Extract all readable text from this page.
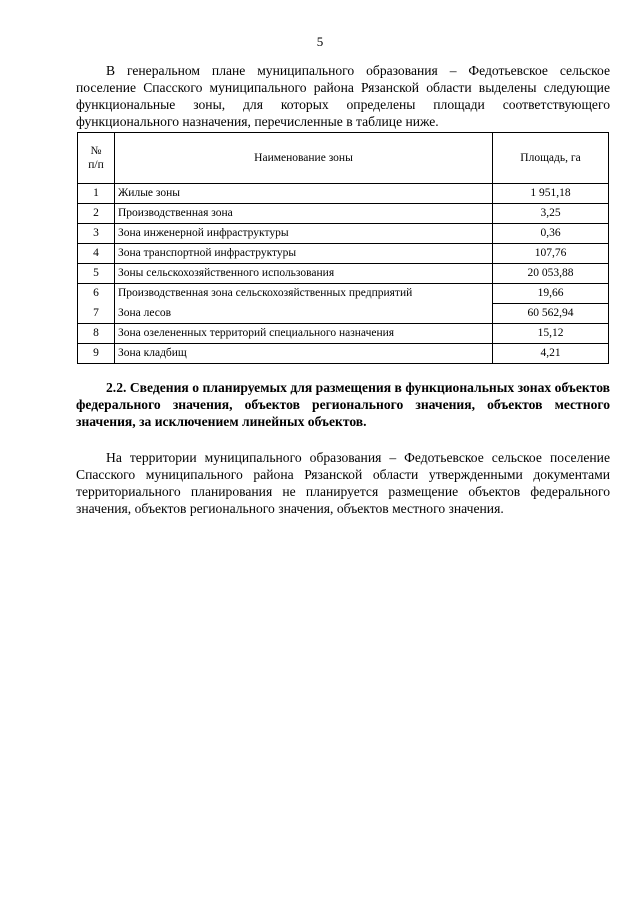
5

В генеральном плане муниципального образования – Федотьевское сельское поселение Спасского муниципального района Рязанской области выделены следующие функциональные зоны, для которых определены площади соответствующего функционального назначения, перечисленные в таблице ниже.

№
п/п	Наименование зоны	Площадь, га
1	Жилые зоны	1 951,18
2	Производственная зона	3,25
3	Зона инженерной инфраструктуры	0,36
4	Зона транспортной инфраструктуры	107,76
5	Зоны сельскохозяйственного использования	20 053,88
6	Производственная зона сельскохозяйственных предприятий	19,66
7	Зона лесов	60 562,94
8	Зона озелененных территорий специального назначения	15,12
9	Зона кладбищ	4,21

2.2. Сведения о планируемых для размещения в функциональных зонах объектов федерального значения, объектов регионального значения, объектов местного значения, за исключением линейных объектов.

На территории муниципального образования – Федотьевское сельское поселение Спасского муниципального района Рязанской области утвержденными документами территориального планирования не планируется размещение объектов федерального значения, объектов регионального значения, объектов местного значения.
